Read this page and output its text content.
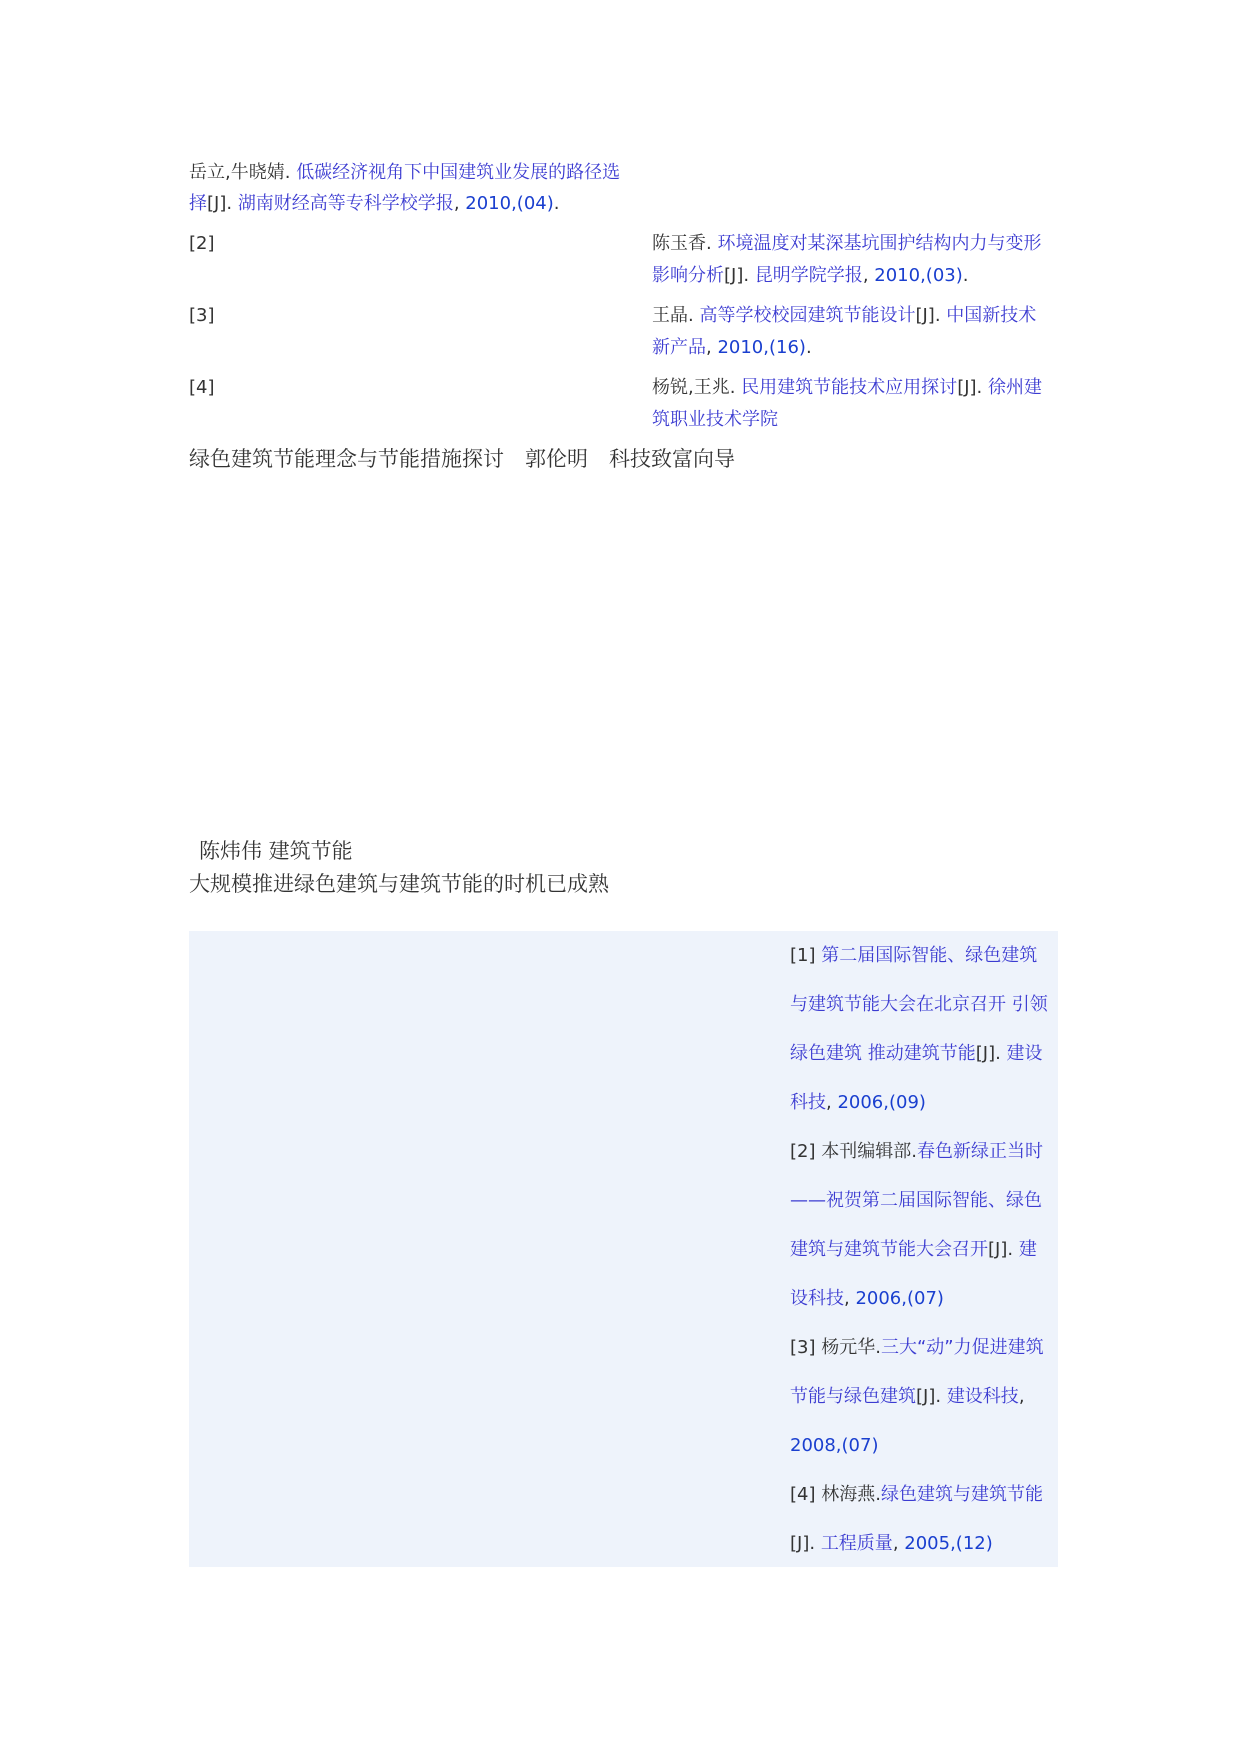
岳立,牛晓婧. 低碳经济视角下中国建筑业发展的路径选
择[J]. 湖南财经高等专科学校学报, 2010,(04).
[2]	陈玉香. 环境温度对某深基坑围护结构内力与变形
影响分析[J]. 昆明学院学报, 2010,(03).
[3]	王晶. 高等学校校园建筑节能设计[J]. 中国新技术
新产品, 2010,(16).
[4]	杨锐,王兆. 民用建筑节能技术应用探讨[J]. 徐州建
筑职业技术学院
绿色建筑节能理念与节能措施探讨　郭伦明　科技致富向导
陈炜伟 建筑节能
大规模推进绿色建筑与建筑节能的时机已成熟
[1] 第二届国际智能、绿色建筑
与建筑节能大会在北京召开 引领
绿色建筑 推动建筑节能[J]. 建设
科技, 2006,(09)
[2] 本刊编辑部.春色新绿正当时
——祝贺第二届国际智能、绿色
建筑与建筑节能大会召开[J]. 建
设科技, 2006,(07)
[3] 杨元华.三大“动”力促进建筑
节能与绿色建筑[J]. 建设科技,
2008,(07)
[4] 林海燕.绿色建筑与建筑节能
[J]. 工程质量, 2005,(12)
